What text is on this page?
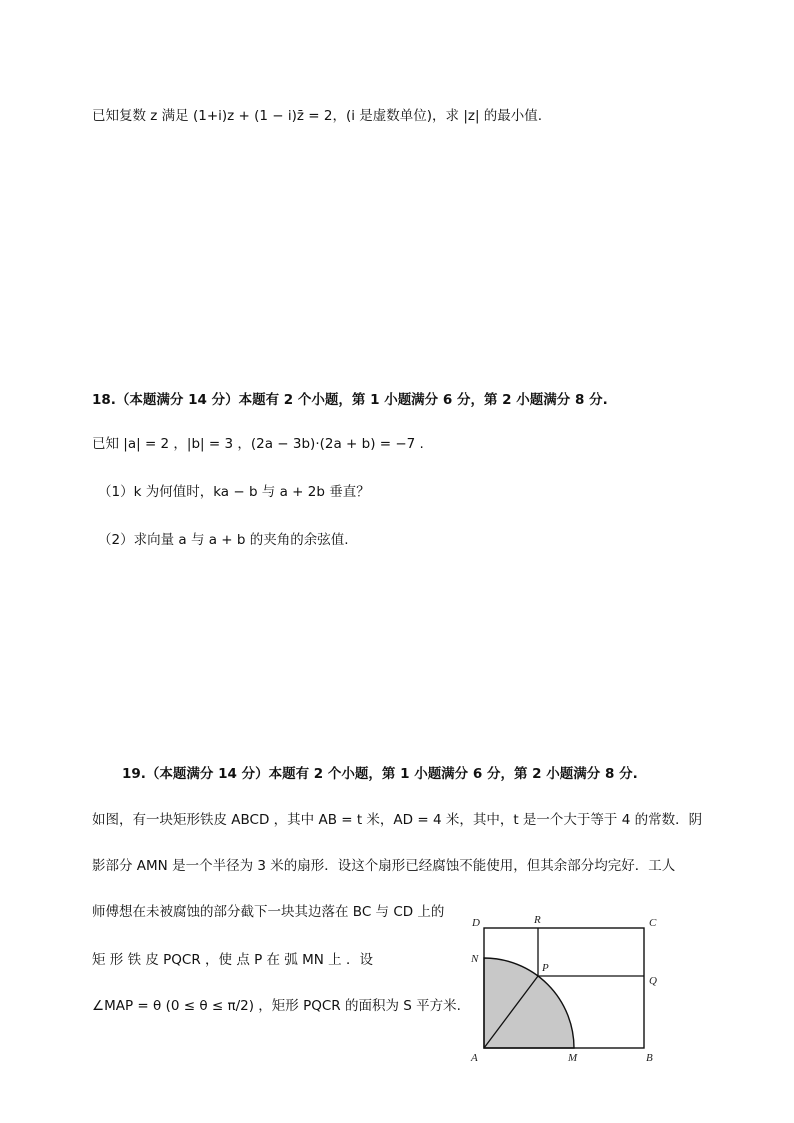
已知复数 z 满足 (1+i)z + (1 − i)z̄ = 2，(i 是虚数单位)，求 |z| 的最小值.
18.（本题满分 14 分）本题有 2 个小题，第 1 小题满分 6 分，第 2 小题满分 8 分.
已知 |a| = 2 ，|b| = 3 ，(2a − 3b)·(2a + b) = −7 .
（1）k 为何值时，ka − b 与 a + 2b 垂直？
（2）求向量 a 与 a + b 的夹角的余弦值.
19.（本题满分 14 分）本题有 2 个小题，第 1 小题满分 6 分，第 2 小题满分 8 分.
如图，有一块矩形铁皮 ABCD ，其中 AB = t 米，AD = 4 米，其中，t 是一个大于等于 4 的常数．阴
影部分 AMN 是一个半径为 3 米的扇形．设这个扇形已经腐蚀不能使用，但其余部分均完好．工人
师傅想在未被腐蚀的部分截下一块其边落在 BC 与 CD 上的
矩 形 铁 皮 PQCR ，使 点 P 在 弧 MN 上 ．设
∠MAP = θ (0 ≤ θ ≤ π/2) ，矩形 PQCR 的面积为 S 平方米.
D	R	C
N
P
Q
A	M	B
